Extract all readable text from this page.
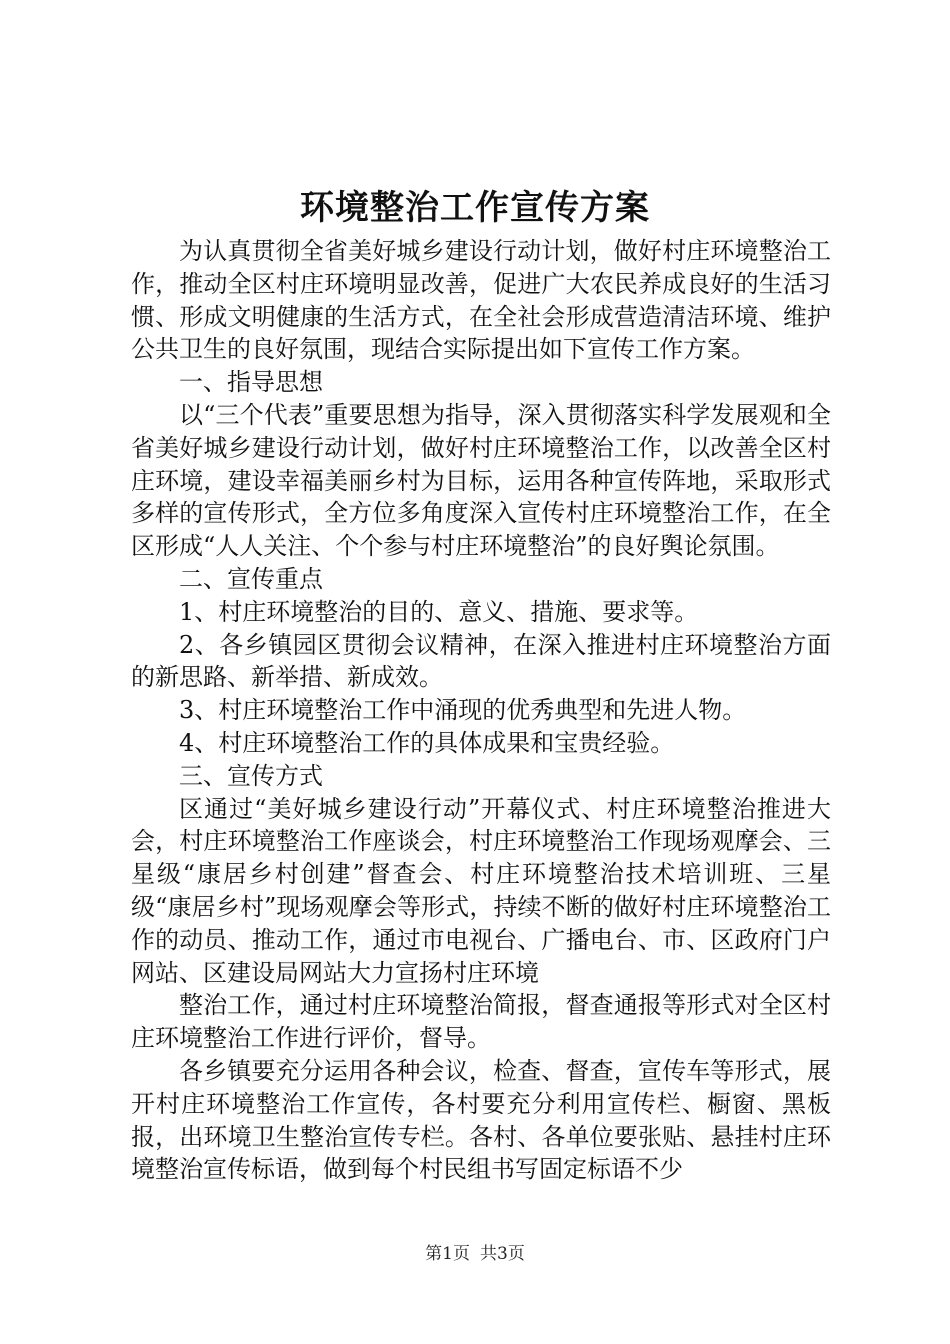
环境整治工作宣传方案

为认真贯彻全省美好城乡建设行动计划，做好村庄环境整治工作，推动全区村庄环境明显改善，促进广大农民养成良好的生活习惯、形成文明健康的生活方式，在全社会形成营造清洁环境、维护公共卫生的良好氛围，现结合实际提出如下宣传工作方案。

一、指导思想

以“三个代表”重要思想为指导，深入贯彻落实科学发展观和全省美好城乡建设行动计划，做好村庄环境整治工作，以改善全区村庄环境，建设幸福美丽乡村为目标，运用各种宣传阵地，采取形式多样的宣传形式，全方位多角度深入宣传村庄环境整治工作，在全区形成“人人关注、个个参与村庄环境整治”的良好舆论氛围。

二、宣传重点

1、村庄环境整治的目的、意义、措施、要求等。

2、各乡镇园区贯彻会议精神，在深入推进村庄环境整治方面的新思路、新举措、新成效。

3、村庄环境整治工作中涌现的优秀典型和先进人物。

4、村庄环境整治工作的具体成果和宝贵经验。

三、宣传方式

区通过“美好城乡建设行动”开幕仪式、村庄环境整治推进大会，村庄环境整治工作座谈会，村庄环境整治工作现场观摩会、三星级“康居乡村创建”督查会、村庄环境整治技术培训班、三星级“康居乡村”现场观摩会等形式，持续不断的做好村庄环境整治工作的动员、推动工作，通过市电视台、广播电台、市、区政府门户网站、区建设局网站大力宣扬村庄环境

整治工作，通过村庄环境整治简报，督查通报等形式对全区村庄环境整治工作进行评价，督导。

各乡镇要充分运用各种会议，检查、督查，宣传车等形式，展开村庄环境整治工作宣传，各村要充分利用宣传栏、橱窗、黑板报，出环境卫生整治宣传专栏。各村、各单位要张贴、悬挂村庄环境整治宣传标语，做到每个村民组书写固定标语不少

第1页 共3页
